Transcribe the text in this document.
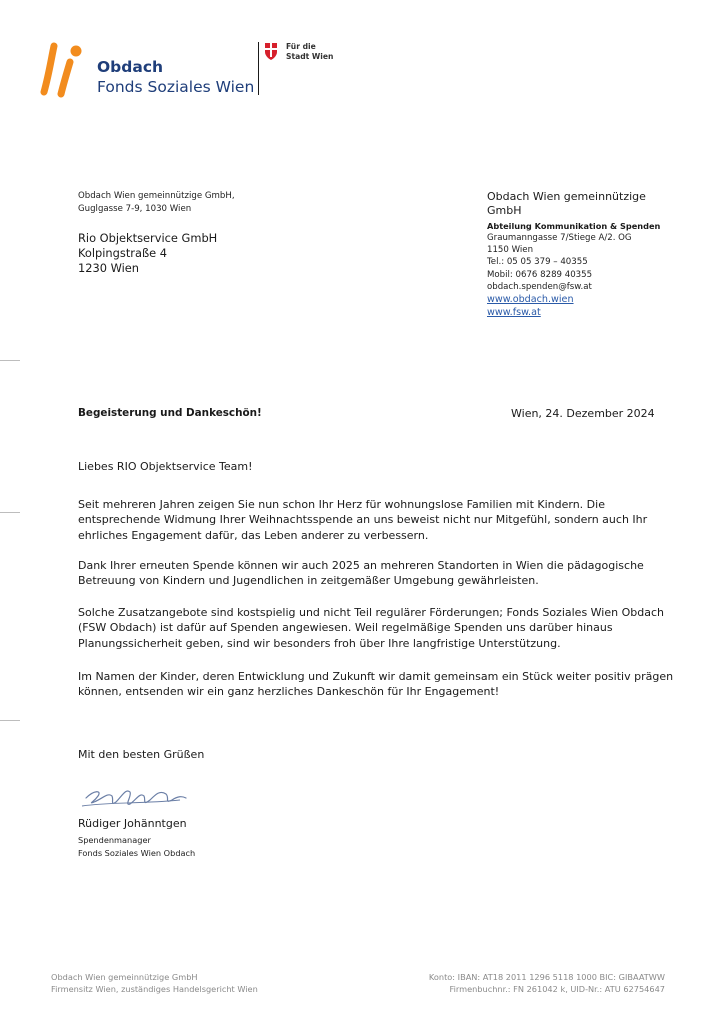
Obdach
Fonds Soziales Wien
Für die
Stadt Wien
Obdach Wien gemeinnützige GmbH,
Guglgasse 7-9, 1030 Wien
Rio Objektservice GmbH
Kolpingstraße 4
1230 Wien
Obdach Wien gemeinnützige
GmbH
Abteilung Kommunikation & Spenden
Graumanngasse 7/Stiege A/2. OG
1150 Wien
Tel.: 05 05 379 – 40355
Mobil: 0676 8289 40355
obdach.spenden@fsw.at
www.obdach.wien
www.fsw.at
Begeisterung und Dankeschön!	Wien, 24. Dezember 2024

Liebes RIO Objektservice Team!

Seit mehreren Jahren zeigen Sie nun schon Ihr Herz für wohnungslose Familien mit Kindern. Die entsprechende Widmung Ihrer Weihnachtsspende an uns beweist nicht nur Mitgefühl, sondern auch Ihr ehrliches Engagement dafür, das Leben anderer zu verbessern.

Dank Ihrer erneuten Spende können wir auch 2025 an mehreren Standorten in Wien die pädagogische Betreuung von Kindern und Jugendlichen in zeitgemäßer Umgebung gewährleisten.

Solche Zusatzangebote sind kostspielig und nicht Teil regulärer Förderungen; Fonds Soziales Wien Obdach (FSW Obdach) ist dafür auf Spenden angewiesen. Weil regelmäßige Spenden uns darüber hinaus Planungssicherheit geben, sind wir besonders froh über Ihre langfristige Unterstützung.

Im Namen der Kinder, deren Entwicklung und Zukunft wir damit gemeinsam ein Stück weiter positiv prägen können, entsenden wir ein ganz herzliches Dankeschön für Ihr Engagement!

Mit den besten Grüßen

Rüdiger Johänntgen
Spendenmanager
Fonds Soziales Wien Obdach
Obdach Wien gemeinnützige GmbH
Firmensitz Wien, zuständiges Handelsgericht Wien
Konto: IBAN: AT18 2011 1296 5118 1000 BIC: GIBAATWW
Firmenbuchnr.: FN 261042 k, UID-Nr.: ATU 62754647
